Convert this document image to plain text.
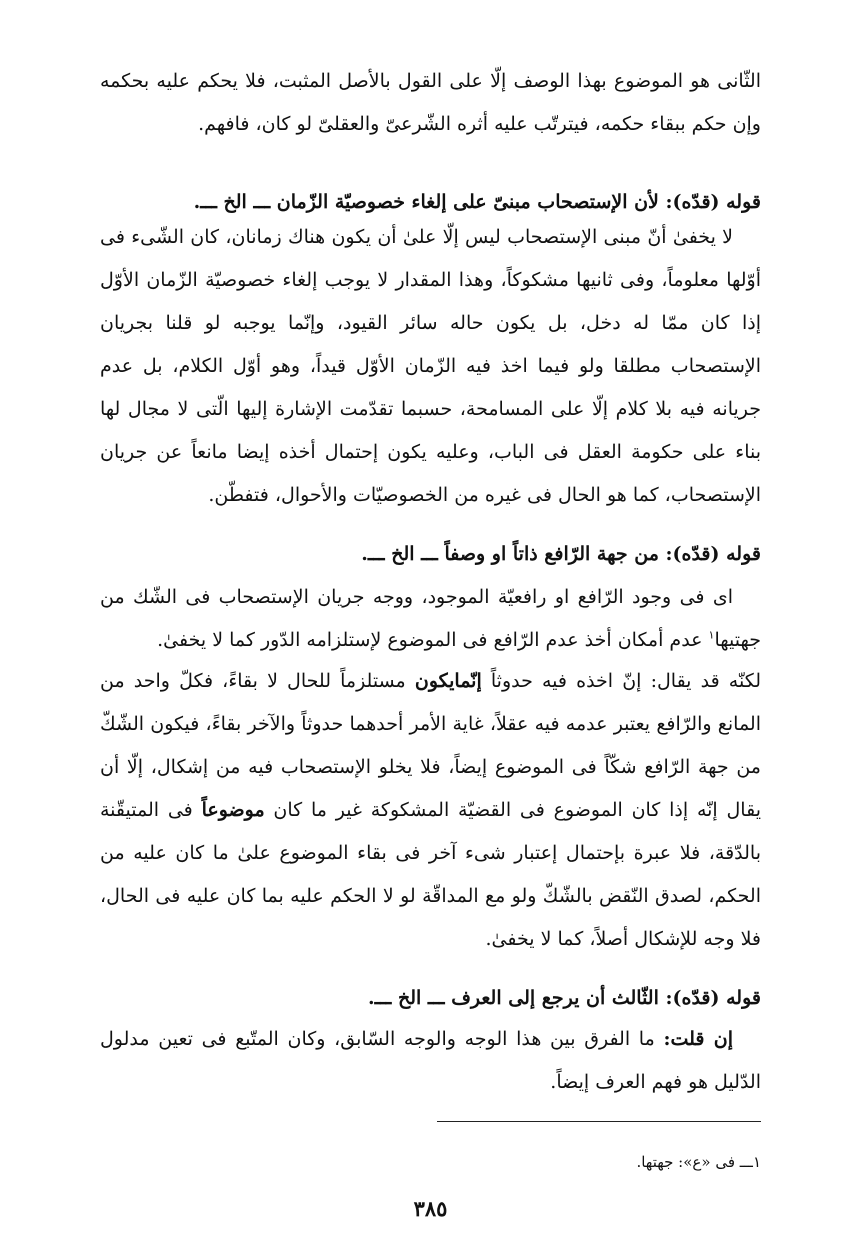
الثّانى هو الموضوع بهذا الوصف إلّا على القول بالأصل المثبت، فلا يحكم عليه بحكمه وإن حكم ببقاء حكمه، فيترتّب عليه أثره الشّرعىّ والعقلىّ لو كان، فافهم.

قوله (قدّه): لأن الإستصحاب مبنىّ على إلغاء خصوصيّة الزّمان ـــ الخ ـــ.

لا يخفىٰ أنّ مبنى الإستصحاب ليس إلّا علىٰ أن يكون هناك زمانان، كان الشّىء فى أوّلها معلوماً، وفى ثانيها مشكوكاً، وهذا المقدار لا يوجب إلغاء خصوصيّة الزّمان الأوّل إذا كان ممّا له دخل، بل يكون حاله سائر القيود، وإنّما يوجبه لو قلنا بجريان الإستصحاب مطلقا ولو فيما اخذ فيه الزّمان الأوّل قيداً، وهو أوّل الكلام، بل عدم جريانه فيه بلا كلام إلّا على المسامحة، حسبما تقدّمت الإشارة إليها الّتى لا مجال لها بناء على حكومة العقل فى الباب، وعليه يكون إحتمال أخذه إيضا مانعاً عن جريان الإستصحاب، كما هو الحال فى غيره من الخصوصيّات والأحوال، فتفطّن.

قوله (قدّه): من جهة الرّافع ذاتاً او وصفاً ـــ الخ ـــ.

اى فى وجود الرّافع او رافعيّة الموجود، ووجه جريان الإستصحاب فى الشّك من جهتيها$^١$ عدم أمكان أخذ عدم الرّافع فى الموضوع لإستلزامه الدّور كما لا يخفىٰ.

لكنّه قد يقال: إنّ اخذه فيه حدوثاً إنّمايكون مستلزماً للحال لا بقاءً، فكلّ واحد من المانع والرّافع يعتبر عدمه فيه عقلاً، غاية الأمر أحدهما حدوثاً والآخر بقاءً، فيكون الشّكّ من جهة الرّافع شكّاً فى الموضوع إيضاً، فلا يخلو الإستصحاب فيه من إشكال، إلّا أن يقال إنّه إذا كان الموضوع فى القضيّة المشكوكة غير ما كان موضوعاً فى المتيقّنة بالدّقة، فلا عبرة بإحتمال إعتبار شىء آخر فى بقاء الموضوع علىٰ ما كان عليه من الحكم، لصدق النّقض بالشّكّ ولو مع المداقّة لو لا الحكم عليه بما كان عليه فى الحال، فلا وجه للإشكال أصلاً، كما لا يخفىٰ.

قوله (قدّه): الثّالث أن يرجع إلى العرف ـــ الخ ـــ.

إن قلت: ما الفرق بين هذا الوجه والوجه السّابق، وكان المتّبع فى تعين مدلول الدّليل هو فهم العرف إيضاً.

١ـــ فى «ع»: جهتها.

٣٨٥
